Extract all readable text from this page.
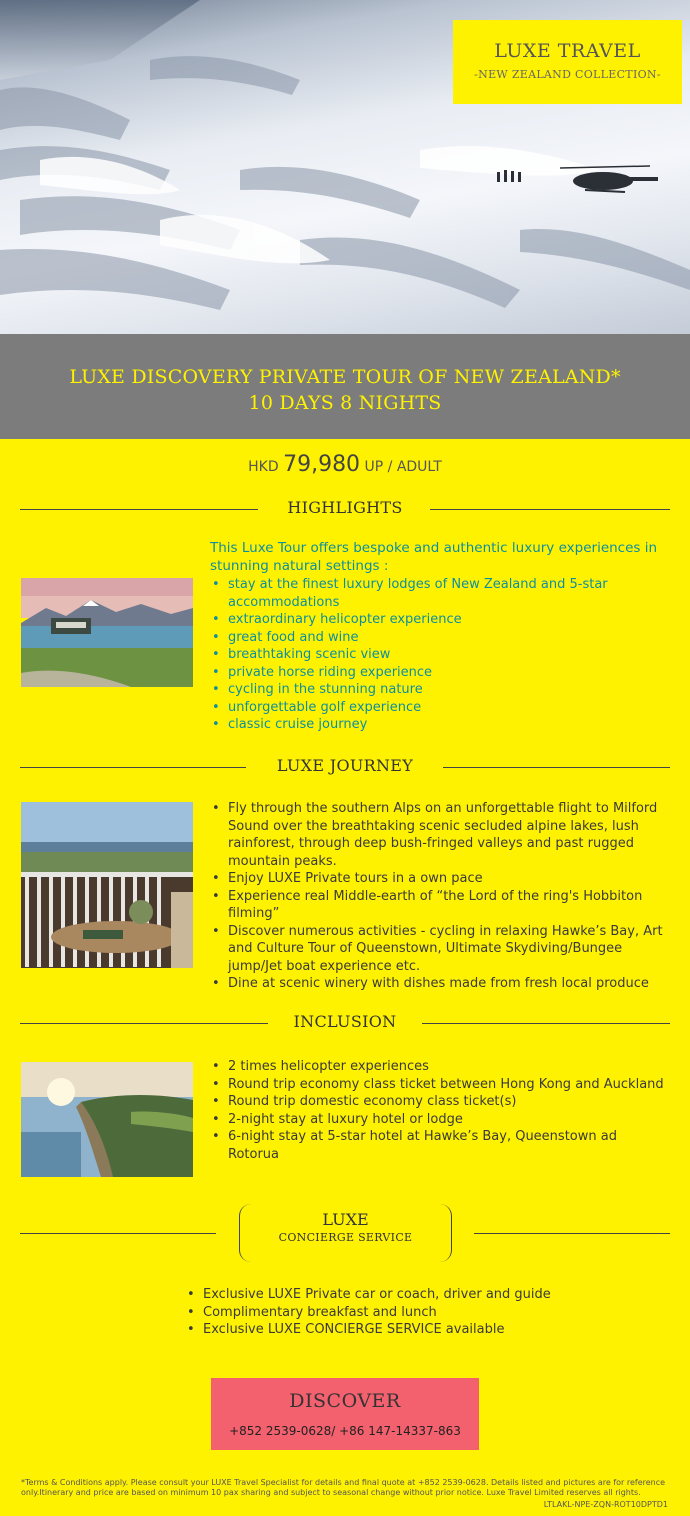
LUXE TRAVEL
-NEW ZEALAND COLLECTION-
LUXE DISCOVERY PRIVATE TOUR OF NEW ZEALAND*
10 DAYS 8 NIGHTS
HKD 79,980 UP / ADULT
HIGHLIGHTS
This Luxe Tour offers bespoke and authentic luxury experiences in stunning natural settings :
• stay at the finest luxury lodges of New Zealand and 5-star accommodations
• extraordinary helicopter experience
• great food and wine
• breathtaking scenic view
• private horse riding experience
• cycling in the stunning nature
• unforgettable golf experience
• classic cruise journey
LUXE JOURNEY
• Fly through the southern Alps on an unforgettable flight to Milford Sound over the breathtaking scenic secluded alpine lakes, lush rainforest, through deep bush-fringed valleys and past rugged mountain peaks.
• Enjoy LUXE Private tours in a own pace
• Experience real Middle-earth of “the Lord of the ring's Hobbiton filming”
• Discover numerous activities - cycling in relaxing Hawke’s Bay, Art and Culture Tour of Queenstown, Ultimate Skydiving/Bungee jump/Jet boat experience etc.
• Dine at scenic winery with dishes made from fresh local produce
INCLUSION
• 2 times helicopter experiences
• Round trip economy class ticket between Hong Kong and Auckland
• Round trip domestic economy class ticket(s)
• 2-night stay at luxury hotel or lodge
• 6-night stay at 5-star hotel at Hawke’s Bay, Queenstown ad Rotorua
LUXE
CONCIERGE SERVICE
• Exclusive LUXE Private car or coach, driver and guide
• Complimentary breakfast and lunch
• Exclusive LUXE CONCIERGE SERVICE available
DISCOVER
+852 2539-0628/ +86 147-14337-863
*Terms & Conditions apply. Please consult your LUXE Travel Specialist for details and final quote at +852 2539-0628. Details listed and pictures are for reference only.Itinerary and price are based on minimum 10 pax sharing and subject to seasonal change without prior notice. Luxe Travel Limited reserves all rights.
LTLAKL-NPE-ZQN-ROT10DPTD1
